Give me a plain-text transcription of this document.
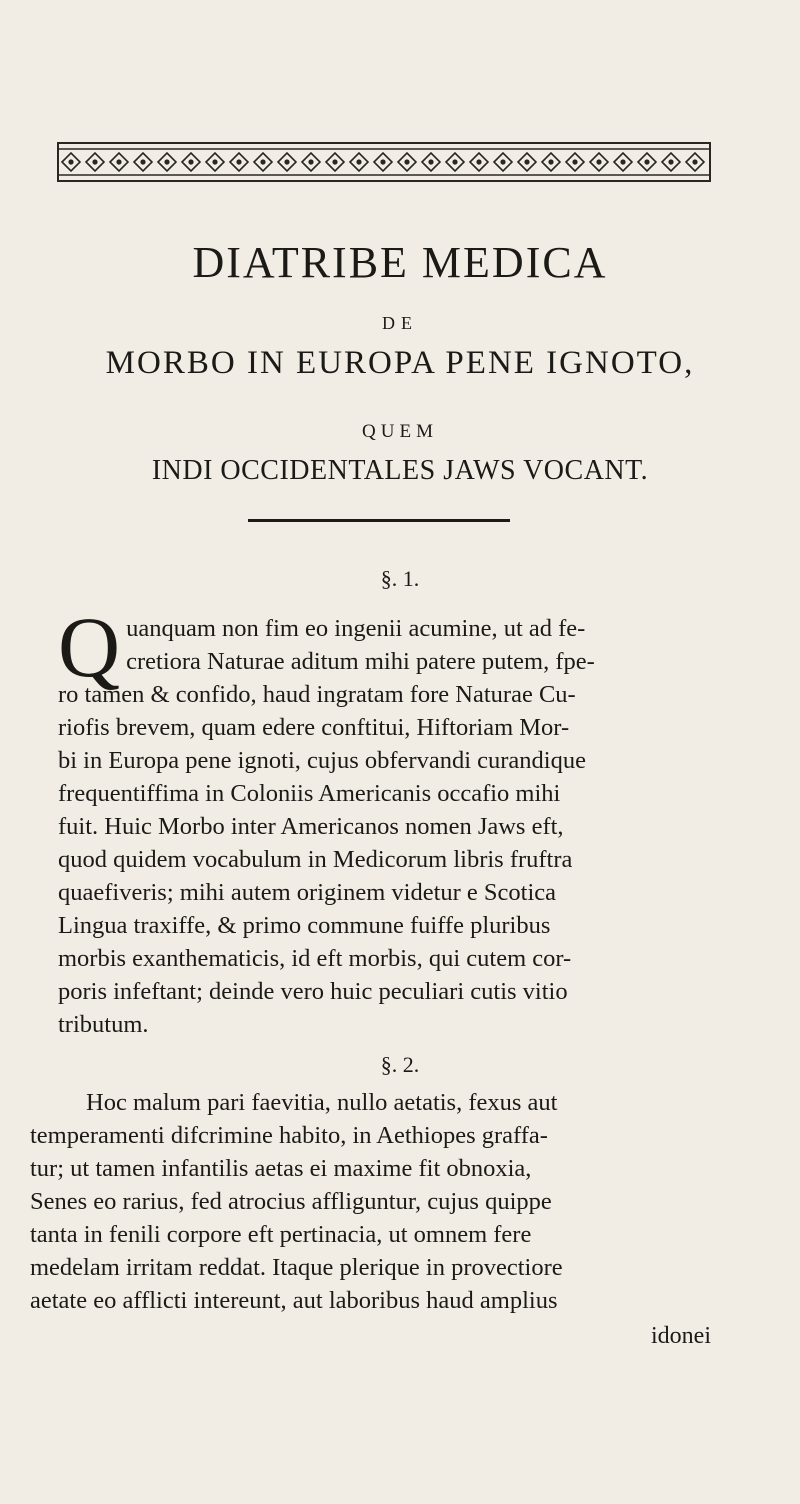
DIATRIBE MEDICA
DE
MORBO IN EUROPA PENE IGNOTO,
QUEM
INDI OCCIDENTALES JAWS VOCANT.
§. 1.
Q uanquam non fim eo ingenii acumine, ut ad fe-
cretiora Naturae aditum mihi patere putem, fpe-
ro tamen & confido, haud ingratam fore Naturae Cu-
riofis brevem, quam edere conftitui, Hiftoriam Mor-
bi in Europa pene ignoti, cujus obfervandi curandique
frequentiffima in Coloniis Americanis occafio mihi
fuit. Huic Morbo inter Americanos nomen Jaws eft,
quod quidem vocabulum in Medicorum libris fruftra
quaefiveris; mihi autem originem videtur e Scotica
Lingua traxiffe, & primo commune fuiffe pluribus
morbis exanthematicis, id eft morbis, qui cutem cor-
poris infeftant; deinde vero huic peculiari cutis vitio
tributum.
§. 2.
Hoc malum pari faevitia, nullo aetatis, fexus aut
temperamenti difcrimine habito, in Aethiopes graffa-
tur; ut tamen infantilis aetas ei maxime fit obnoxia,
Senes eo rarius, fed atrocius affliguntur, cujus quippe
tanta in fenili corpore eft pertinacia, ut omnem fere
medelam irritam reddat. Itaque plerique in provectiore
aetate eo afflicti intereunt, aut laboribus haud amplius
idonei
